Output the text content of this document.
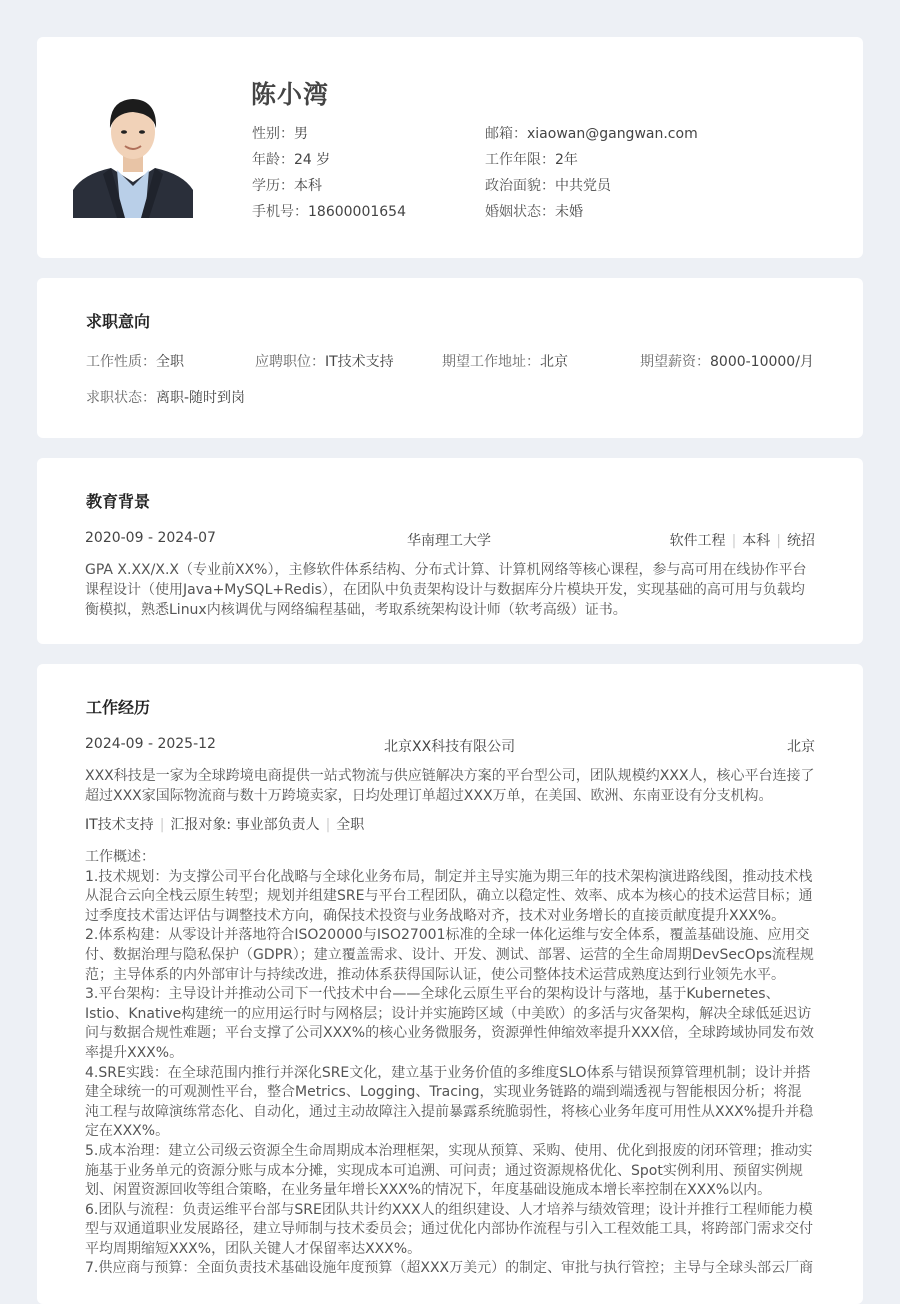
陈小湾
性别：男
年龄：24 岁
学历：本科
手机号：18600001654
邮箱：xiaowan@gangwan.com
工作年限：2年
政治面貌：中共党员
婚姻状态：未婚
求职意向
工作性质：全职	应聘职位：IT技术支持	期望工作地址：北京	期望薪资：8000-10000/月
求职状态：离职-随时到岗
教育背景
2020-09 - 2024-07	华南理工大学	软件工程 | 本科 | 统招
GPA X.XX/X.X（专业前XX%），主修软件体系结构、分布式计算、计算机网络等核心课程，参与高可用在线协作平台课程设计（使用Java+MySQL+Redis），在团队中负责架构设计与数据库分片模块开发，实现基础的高可用与负载均衡模拟，熟悉Linux内核调优与网络编程基础，考取系统架构设计师（软考高级）证书。
工作经历
2024-09 - 2025-12	北京XX科技有限公司	北京
XXX科技是一家为全球跨境电商提供一站式物流与供应链解决方案的平台型公司，团队规模约XXX人，核心平台连接了超过XXX家国际物流商与数十万跨境卖家，日均处理订单超过XXX万单，在美国、欧洲、东南亚设有分支机构。
IT技术支持 | 汇报对象: 事业部负责人 | 全职
工作概述：
1.技术规划：为支撑公司平台化战略与全球化业务布局，制定并主导实施为期三年的技术架构演进路线图，推动技术栈从混合云向全栈云原生转型；规划并组建SRE与平台工程团队，确立以稳定性、效率、成本为核心的技术运营目标；通过季度技术雷达评估与调整技术方向，确保技术投资与业务战略对齐，技术对业务增长的直接贡献度提升XXX%。
2.体系构建：从零设计并落地符合ISO20000与ISO27001标准的全球一体化运维与安全体系，覆盖基础设施、应用交付、数据治理与隐私保护（GDPR）；建立覆盖需求、设计、开发、测试、部署、运营的全生命周期DevSecOps流程规范；主导体系的内外部审计与持续改进，推动体系获得国际认证，使公司整体技术运营成熟度达到行业领先水平。
3.平台架构：主导设计并推动公司下一代技术中台——全球化云原生平台的架构设计与落地，基于Kubernetes、Istio、Knative构建统一的应用运行时与网格层；设计并实施跨区域（中美欧）的多活与灾备架构，解决全球低延迟访问与数据合规性难题；平台支撑了公司XXX%的核心业务微服务，资源弹性伸缩效率提升XXX倍，全球跨域协同发布效率提升XXX%。
4.SRE实践：在全球范围内推行并深化SRE文化，建立基于业务价值的多维度SLO体系与错误预算管理机制；设计并搭建全球统一的可观测性平台，整合Metrics、Logging、Tracing，实现业务链路的端到端透视与智能根因分析；将混沌工程与故障演练常态化、自动化，通过主动故障注入提前暴露系统脆弱性，将核心业务年度可用性从XXX%提升并稳定在XXX%。
5.成本治理：建立公司级云资源全生命周期成本治理框架，实现从预算、采购、使用、优化到报废的闭环管理；推动实施基于业务单元的资源分账与成本分摊，实现成本可追溯、可问责；通过资源规格优化、Spot实例利用、预留实例规划、闲置资源回收等组合策略，在业务量年增长XXX%的情况下，年度基础设施成本增长率控制在XXX%以内。
6.团队与流程：负责运维平台部与SRE团队共计约XXX人的组织建设、人才培养与绩效管理；设计并推行工程师能力模型与双通道职业发展路径，建立导师制与技术委员会；通过优化内部协作流程与引入工程效能工具，将跨部门需求交付平均周期缩短XXX%，团队关键人才保留率达XXX%。
7.供应商与预算：全面负责技术基础设施年度预算（超XXX万美元）的制定、审批与执行管控；主导与全球头部云厂商
